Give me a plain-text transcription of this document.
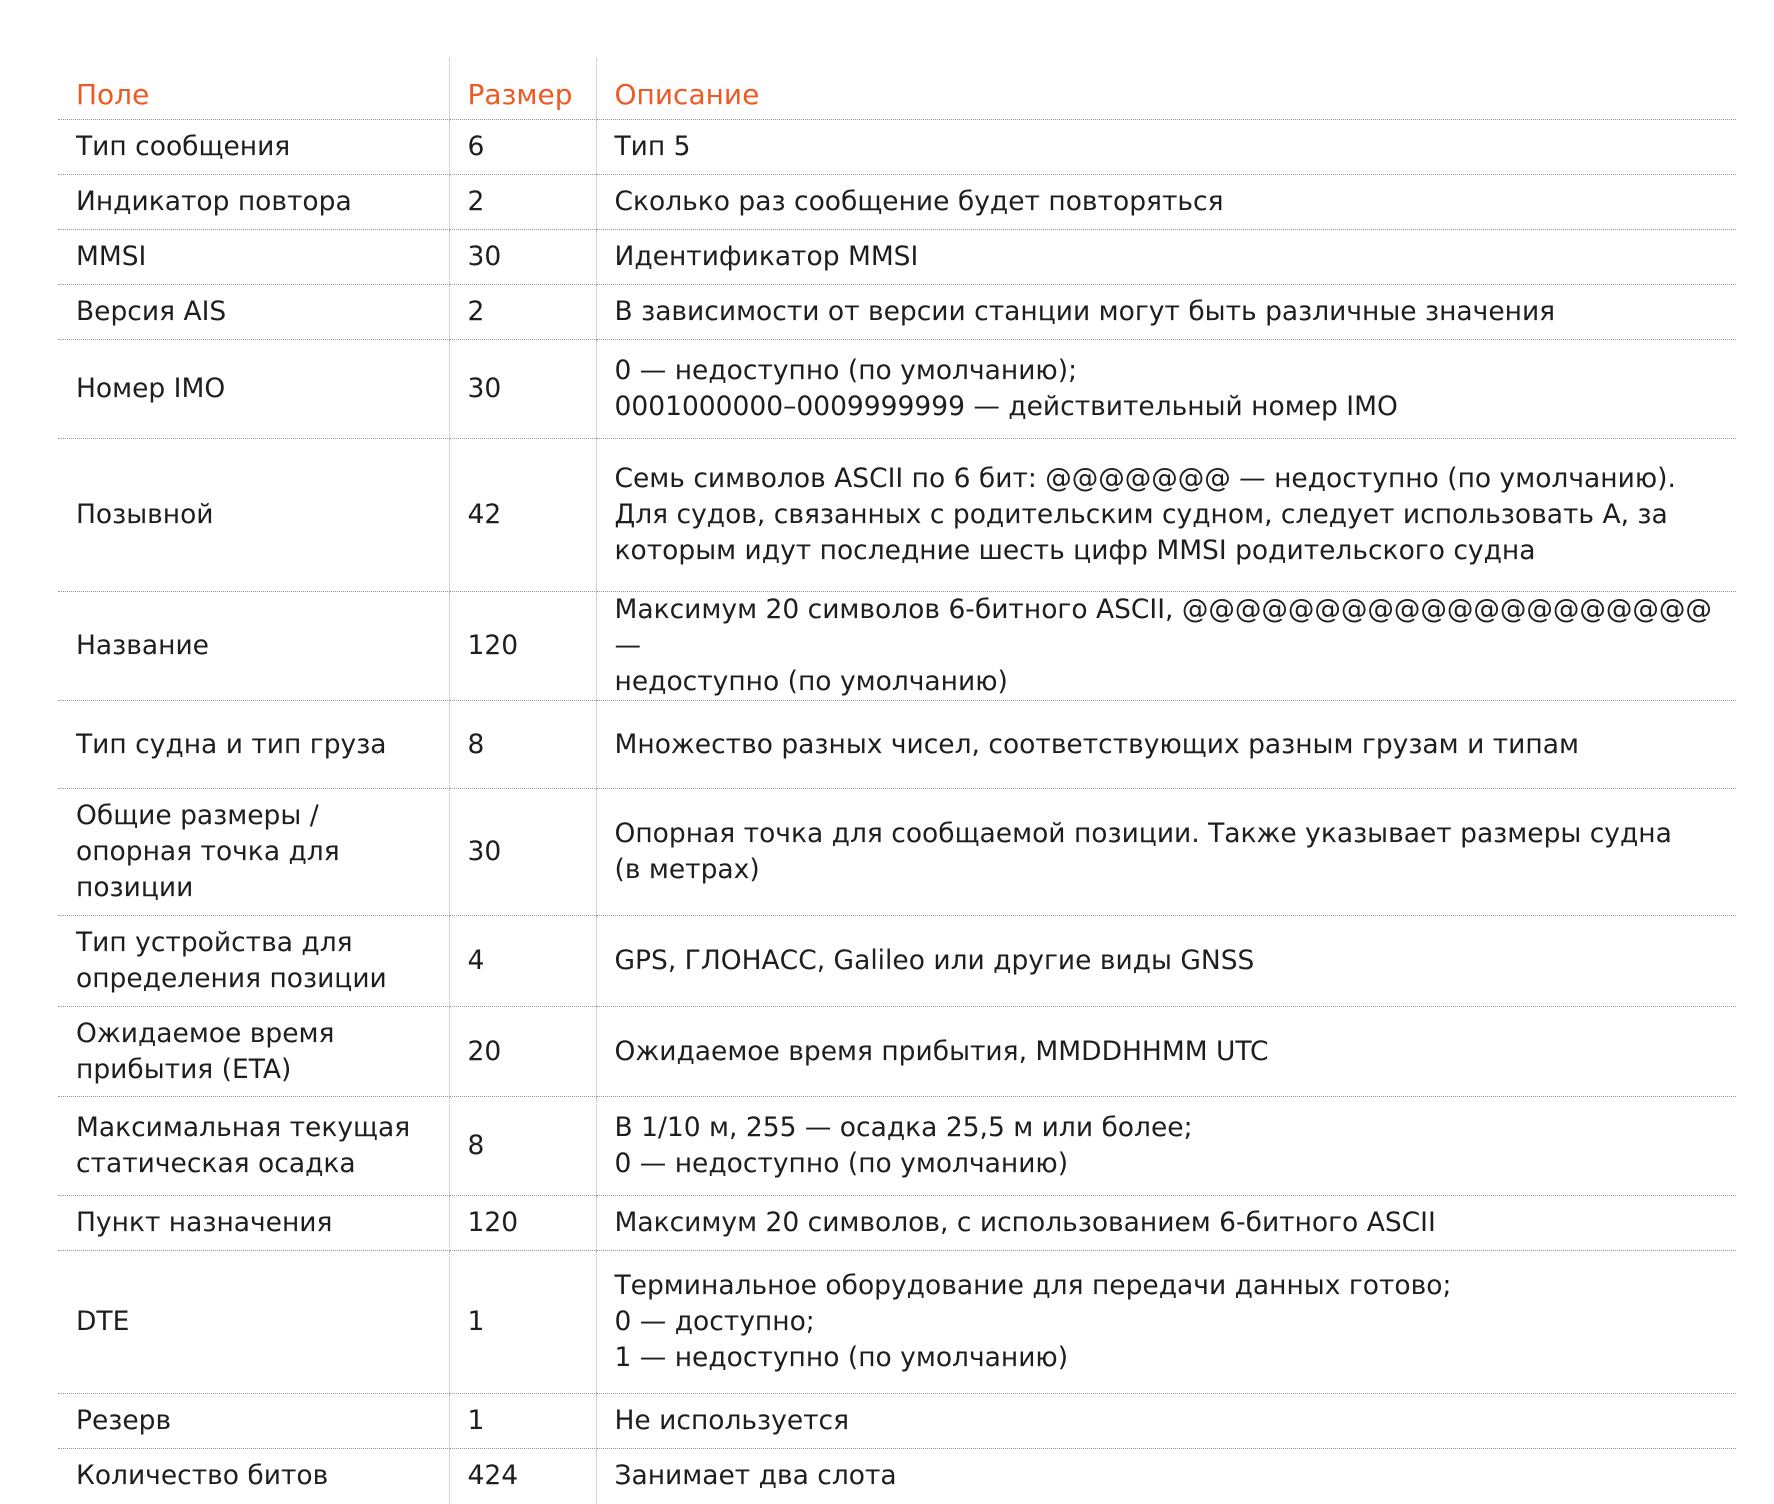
Поле	Размер	Описание
Тип сообщения	6	Тип 5
Индикатор повтора	2	Сколько раз сообщение будет повторяться
MMSI	30	Идентификатор MMSI
Версия AIS	2	В зависимости от версии станции могут быть различные значения
Номер IMO	30	0 — недоступно (по умолчанию);
0001000000–0009999999 — действительный номер IMO
Позывной	42	Семь символов ASCII по 6 бит: @@@@@@@ — недоступно (по умолчанию).
Для судов, связанных с родительским судном, следует использовать A, за
которым идут последние шесть цифр MMSI родительского судна
Название	120	Максимум 20 символов 6-битного ASCII, @@@@@@@@@@@@@@@@@@@@ —
недоступно (по умолчанию)
Тип судна и тип груза	8	Множество разных чисел, соответствующих разным грузам и типам
Общие размеры /
опорная точка для
позиции	30	Опорная точка для сообщаемой позиции. Также указывает размеры судна
(в метрах)
Тип устройства для
определения позиции	4	GPS, ГЛОНАСС, Galileo или другие виды GNSS
Ожидаемое время
прибытия (ETA)	20	Ожидаемое время прибытия, MMDDHHMM UTC
Максимальная текущая
статическая осадка	8	В 1/10 м, 255 — осадка 25,5 м или более;
0 — недоступно (по умолчанию)
Пункт назначения	120	Максимум 20 символов, с использованием 6-битного ASCII
DTE	1	Терминальное оборудование для передачи данных готово;
0 — доступно;
1 — недоступно (по умолчанию)
Резерв	1	Не используется
Количество битов	424	Занимает два слота
